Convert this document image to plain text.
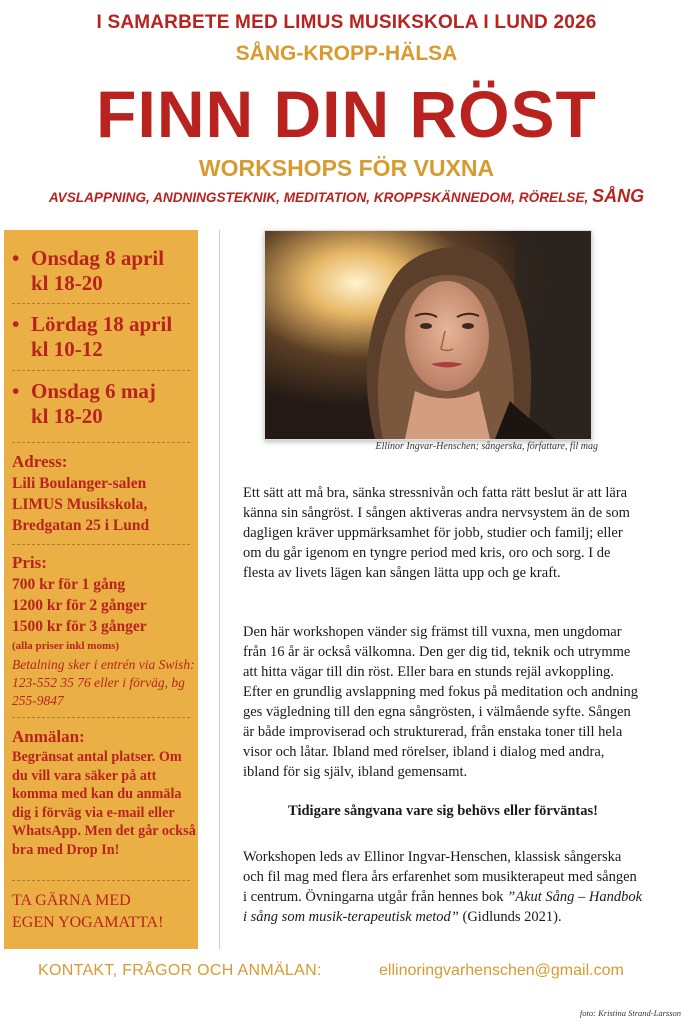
I SAMARBETE MED LIMUS MUSIKSKOLA I LUND 2026
SÅNG-KROPP-HÄLSA
FINN DIN RÖST
WORKSHOPS FÖR VUXNA
AVSLAPPNING, ANDNINGSTEKNIK, MEDITATION, KROPPSKÄNNEDOM, RÖRELSE, SÅNG
• Onsdag 8 april
kl 18-20
• Lördag 18 april
kl 10-12
• Onsdag 6 maj
kl 18-20
Adress:
Lili Boulanger-salen
LIMUS Musikskola,
Bredgatan 25 i Lund
Pris:
700 kr för 1 gång
1200 kr för 2 gånger
1500 kr för 3 gånger
(alla priser inkl moms)
Betalning sker i entrén via Swish: 123-552 35 76 eller i förväg, bg 255-9847
Anmälan:
Begränsat antal platser. Om du vill vara säker på att komma med kan du anmäla dig i förväg via e-mail eller WhatsApp. Men det går också bra med Drop In!
TA GÄRNA MED
EGEN YOGAMATTA!
Ellinor Ingvar-Henschen; sångerska, författare, fil mag
Ett sätt att må bra, sänka stressnivån och fatta rätt beslut är att lära känna sin sångröst. I sången aktiveras andra nervsystem än de som dagligen kräver uppmärksamhet för jobb, studier och familj; eller om du går igenom en tyngre period med kris, oro och sorg. I de flesta av livets lägen kan sången lätta upp och ge kraft.
Den här workshopen vänder sig främst till vuxna, men ungdomar från 16 år är också välkomna. Den ger dig tid, teknik och utrymme att hitta vägar till din röst. Eller bara en stunds rejäl avkoppling. Efter en grundlig avslappning med fokus på meditation och andning ges vägledning till den egna sångrösten, i välmående syfte. Sången är både improviserad och strukturerad, från enstaka toner till hela visor och låtar. Ibland med rörelser, ibland i dialog med andra, ibland för sig själv, ibland gemensamt.
Tidigare sångvana vare sig behövs eller förväntas!
Workshopen leds av Ellinor Ingvar-Henschen, klassisk sångerska och fil mag med flera års erfarenhet som musikterapeut med sången i centrum. Övningarna utgår från hennes bok ”Akut Sång – Handbok i sång som musik-terapeutisk metod” (Gidlunds 2021).
KONTAKT, FRÅGOR OCH ANMÄLAN:	ellinoringvarhenschen@gmail.com
foto: Kristina Strand-Larsson
